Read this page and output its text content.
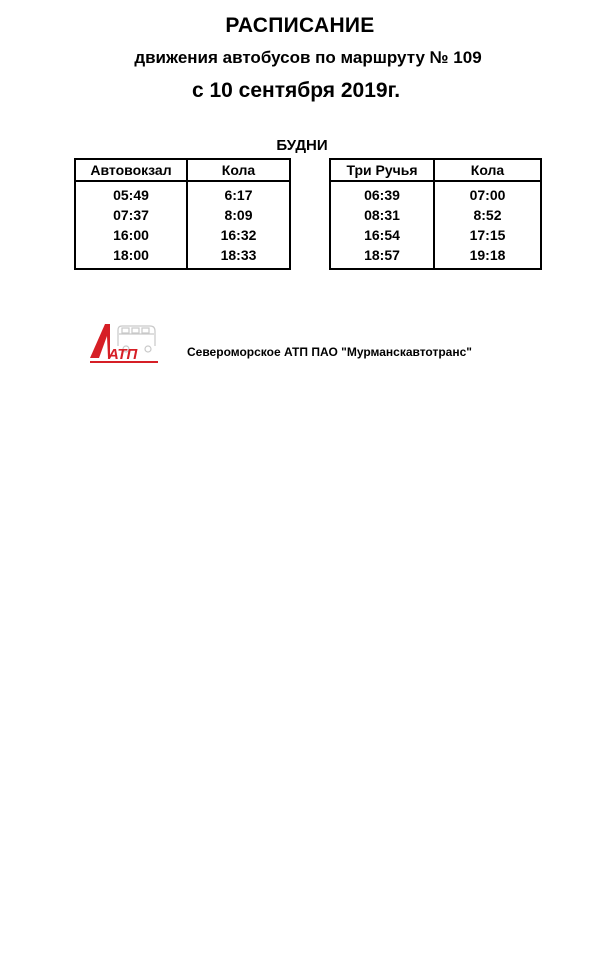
РАСПИСАНИЕ
движения автобусов по маршруту № 109
с 10 сентября 2019г.
БУДНИ
Автовокзал	Кола
05:49	6:17
07:37	8:09
16:00	16:32
18:00	18:33
Три Ручья	Кола
06:39	07:00
08:31	8:52
16:54	17:15
18:57	19:18
АТП	Североморское АТП ПАО "Мурманскавтотранс"
